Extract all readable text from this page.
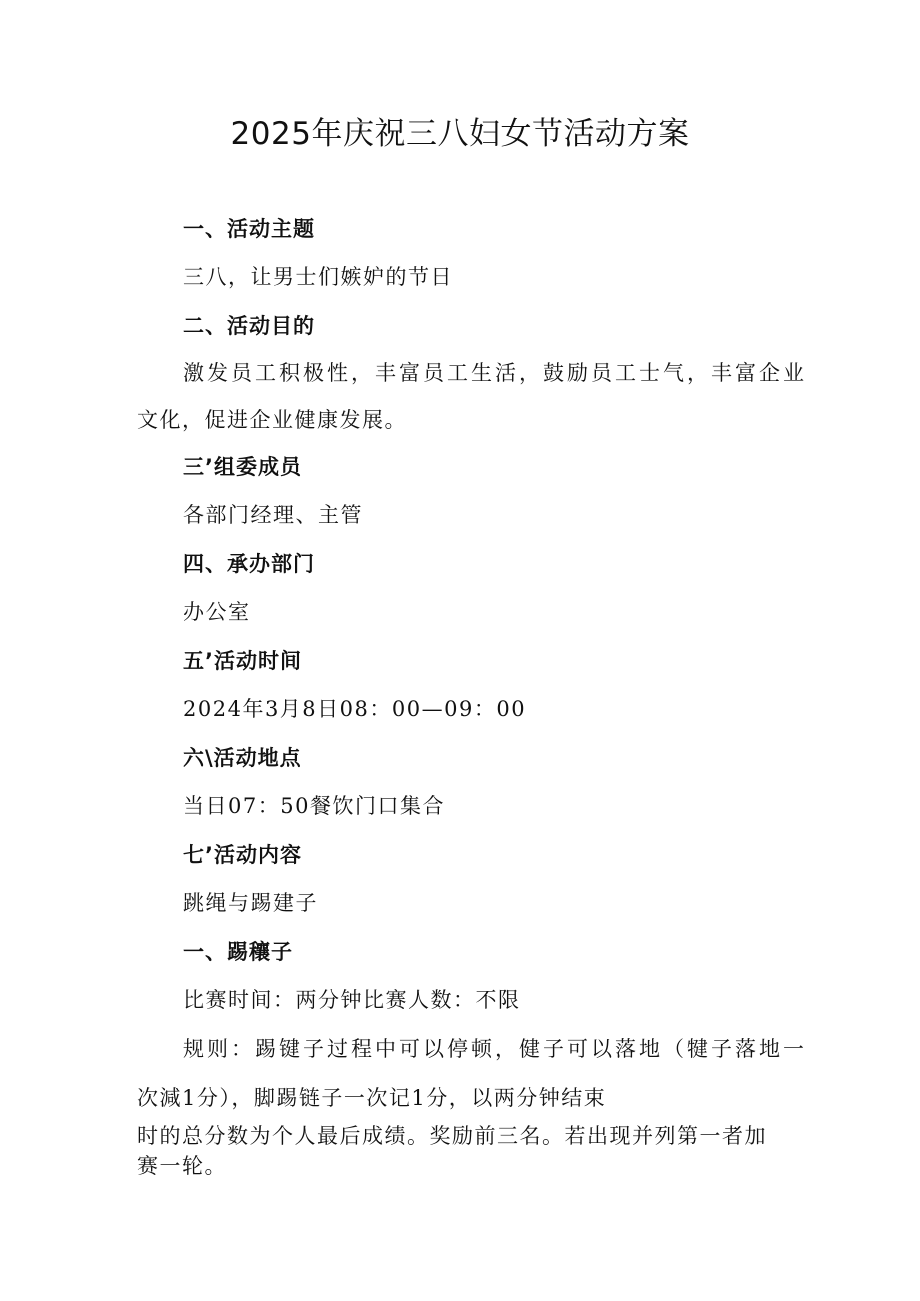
2025年庆祝三八妇女节活动方案

一、活动主题

三八，让男士们嫉妒的节日

二、活动目的

激发员工积极性，丰富员工生活，鼓励员工士气，丰富企业

文化，促进企业健康发展。

三’组委成员

各部门经理、主管

四、承办部门

办公室

五’活动时间

2024年3月8日08：00—09：00

六\活动地点

当日07：50餐饮门口集合

七’活动内容

跳绳与踢建子

一、踢穰子

比赛时间：两分钟比赛人数：不限

规则：踢键子过程中可以停顿，健子可以落地（犍子落地一

次減1分），脚踢链子一次记1分，以两分钟结束

时的总分数为个人最后成绩。奖励前三名。若出现并列第一者加

赛一轮。
